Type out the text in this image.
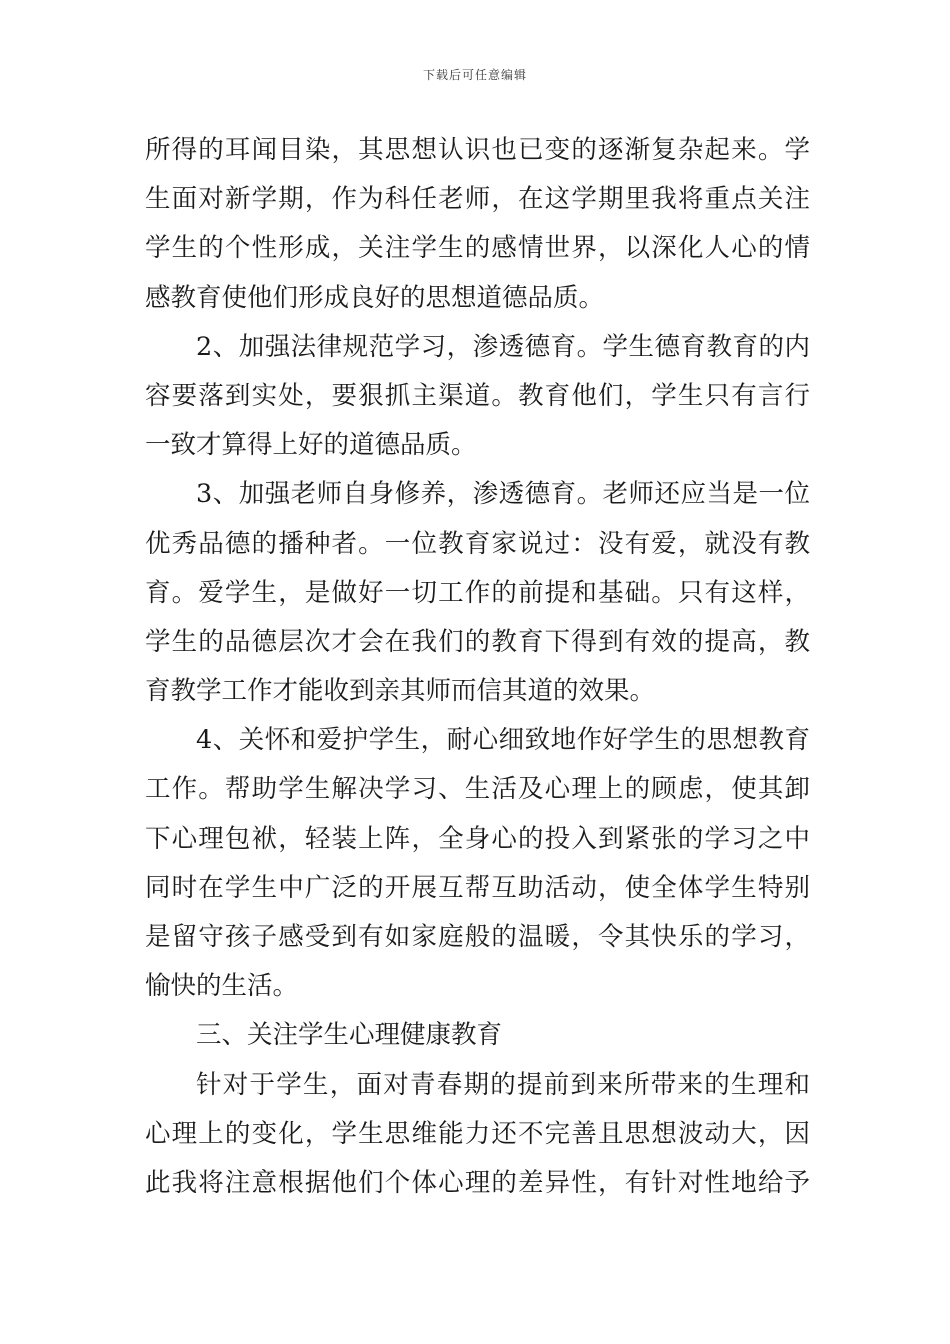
下载后可任意编辑
所得的耳闻目染，其思想认识也已变的逐渐复杂起来。学
生面对新学期，作为科任老师，在这学期里我将重点关注
学生的个性形成，关注学生的感情世界，以深化人心的情
感教育使他们形成良好的思想道德品质。
2、加强法律规范学习，渗透德育。学生德育教育的内
容要落到实处，要狠抓主渠道。教育他们，学生只有言行
一致才算得上好的道德品质。
3、加强老师自身修养，渗透德育。老师还应当是一位
优秀品德的播种者。一位教育家说过：没有爱，就没有教
育。爱学生，是做好一切工作的前提和基础。只有这样，
学生的品德层次才会在我们的教育下得到有效的提高，教
育教学工作才能收到亲其师而信其道的效果。
4、关怀和爱护学生，耐心细致地作好学生的思想教育
工作。帮助学生解决学习、生活及心理上的顾虑，使其卸
下心理包袱，轻装上阵，全身心的投入到紧张的学习之中
同时在学生中广泛的开展互帮互助活动，使全体学生特别
是留守孩子感受到有如家庭般的温暖，令其快乐的学习，
愉快的生活。
三、关注学生心理健康教育
针对于学生，面对青春期的提前到来所带来的生理和
心理上的变化，学生思维能力还不完善且思想波动大，因
此我将注意根据他们个体心理的差异性，有针对性地给予
